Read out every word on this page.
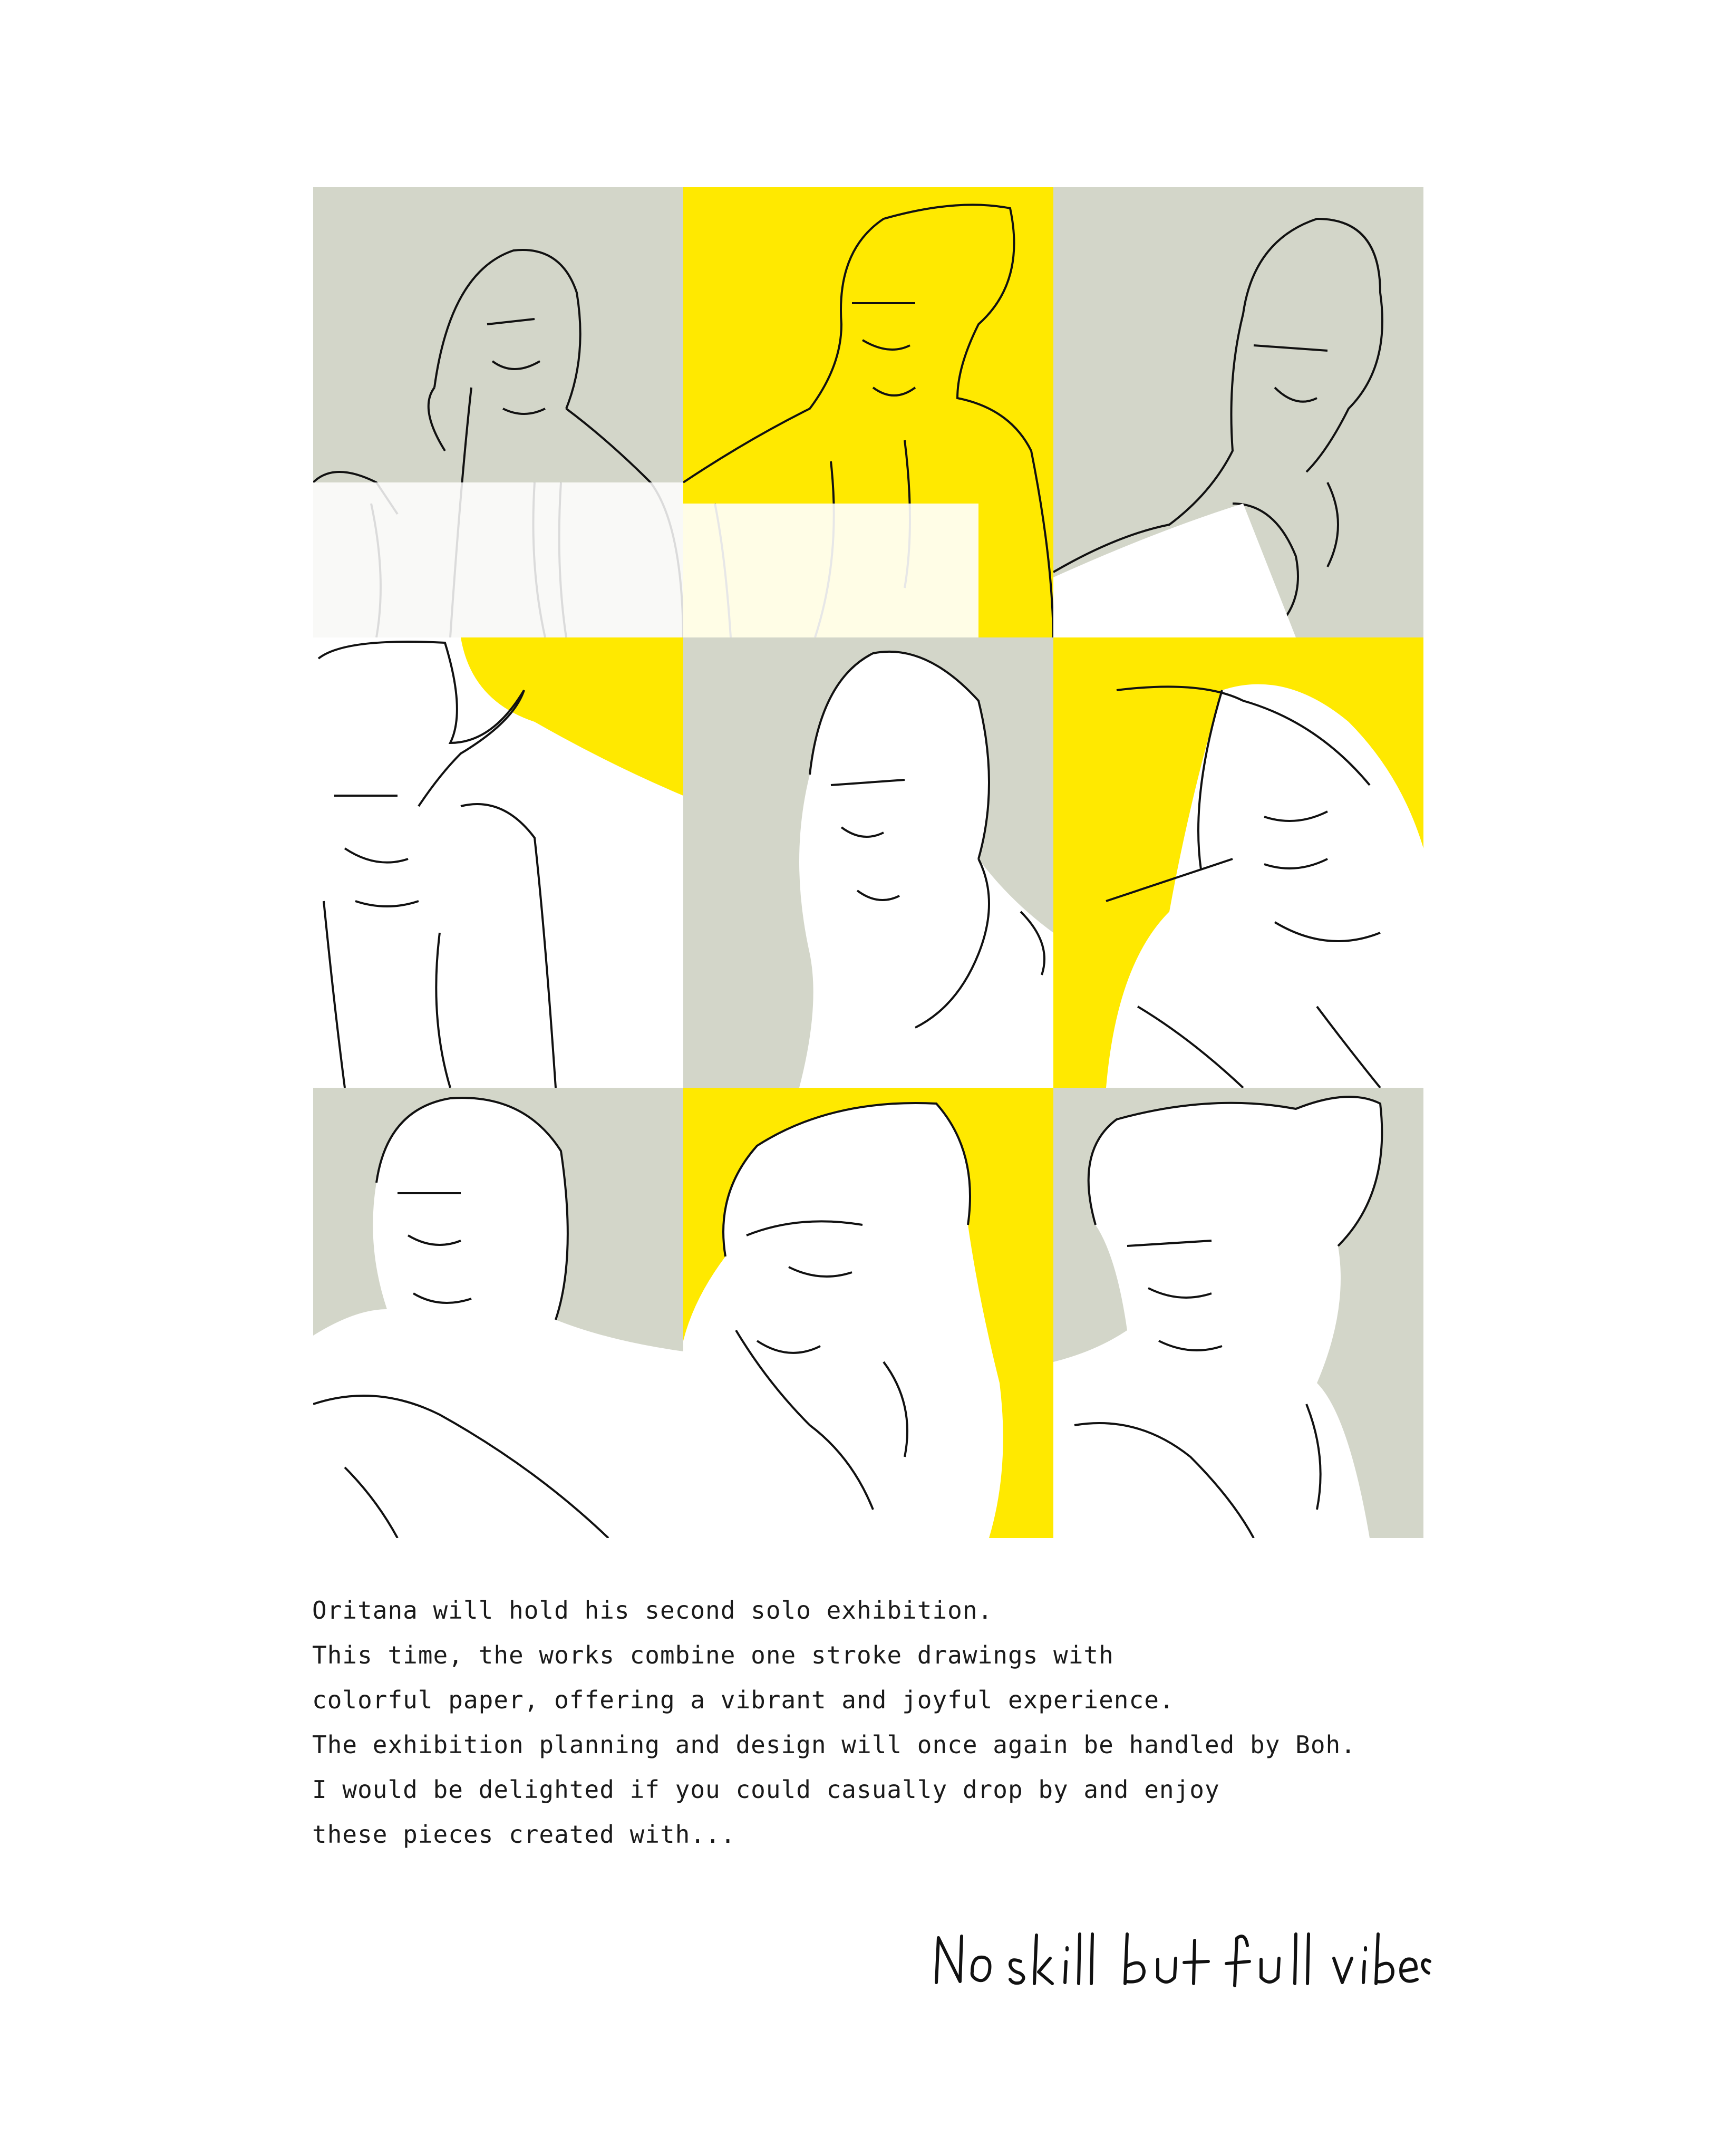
Oritana will hold his second solo exhibition.
This time, the works combine one stroke drawings with
colorful paper, offering a vibrant and joyful experience.
The exhibition planning and design will once again be handled by Boh.
I would be delighted if you could casually drop by and enjoy
these pieces created with...
